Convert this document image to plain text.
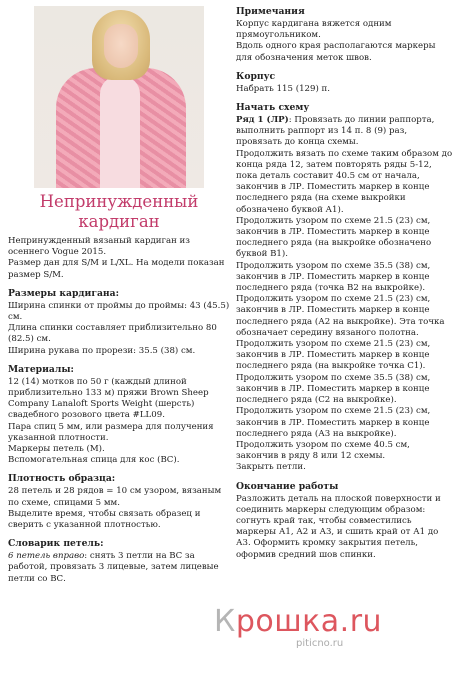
Непринужденный
кардиган

Непринужденный вязаный кардиган из осеннего Vogue 2015.

Размер дан для S/M и L/XL. На модели показан размер S/M.

Размеры кардигана:

Ширина спинки от проймы до проймы: 43 (45.5) см.

Длина спинки составляет приблизительно 80 (82.5) см.

Ширина рукава по прорези: 35.5 (38) см.

Материалы:

12 (14) мотков по 50 г (каждый длиной приблизительно 133 м) пряжи Brown Sheep Company Lanaloft Sports Weight (шерсть) свадебного розового цвета #LL09.

Пара спиц 5 мм, или размера для получения указанной плотности.

Маркеры петель (М).

Вспомогательная спица для кос (ВС).

Плотность образца:

28 петель и 28 рядов = 10 см узором, вязаным по схеме, спицами 5 мм.

Выделите время, чтобы связать образец и сверить с указанной плотностью.

Словарик петель:

6 петель вправо: снять 3 петли на ВС за работой, провязать 3 лицевые, затем лицевые петли со ВС.

Примечания

Корпус кардигана вяжется одним прямоугольником.

Вдоль одного края располагаются маркеры для обозначения меток швов.

Корпус

Набрать 115 (129) п.

Начать схему

Ряд 1 (ЛР): Провязать до линии раппорта, выполнить раппорт из 14 п. 8 (9) раз, провязать до конца схемы.

Продолжить вязать по схеме таким образом до конца ряда 12, затем повторять ряды 5-12, пока деталь составит 40.5 см от начала, закончив в ЛР. Поместить маркер в конце последнего ряда (на схеме выкройки обозначено буквой А1).

Продолжить узором по схеме 21.5 (23) см, закончив в ЛР. Поместить маркер в конце последнего ряда (на выкройке обозначено буквой В1).

Продолжить узором по схеме 35.5 (38) см, закончив в ЛР. Поместить маркер в конце последнего ряда (точка В2 на выкройке).

Продолжить узором по схеме 21.5 (23) см, закончив в ЛР. Поместить маркер в конце последнего ряда (А2 на выкройке). Эта точка обозначает середину вязаного полотна.

Продолжить узором по схеме 21.5 (23) см, закончив в ЛР. Поместить маркер в конце последнего ряда (на выкройке точка С1).

Продолжить узором по схеме 35.5 (38) см, закончив в ЛР. Поместить маркер в конце последнего ряда (С2 на выкройке).

Продолжить узором по схеме 21.5 (23) см, закончив в ЛР. Поместить маркер в конце последнего ряда (А3 на выкройке).

Продолжить узором по схеме 40.5 см, закончив в ряду 8 или 12 схемы.

Закрыть петли.

Окончание работы

Разложить деталь на плоской поверхности и соединить маркеры следующим образом: согнуть край так, чтобы совместились маркеры А1, А2 и А3, и сшить край от А1 до А3. Оформить кромку закрытия петель, оформив средний шов спинки.

Крошка.ru
piticno.ru
